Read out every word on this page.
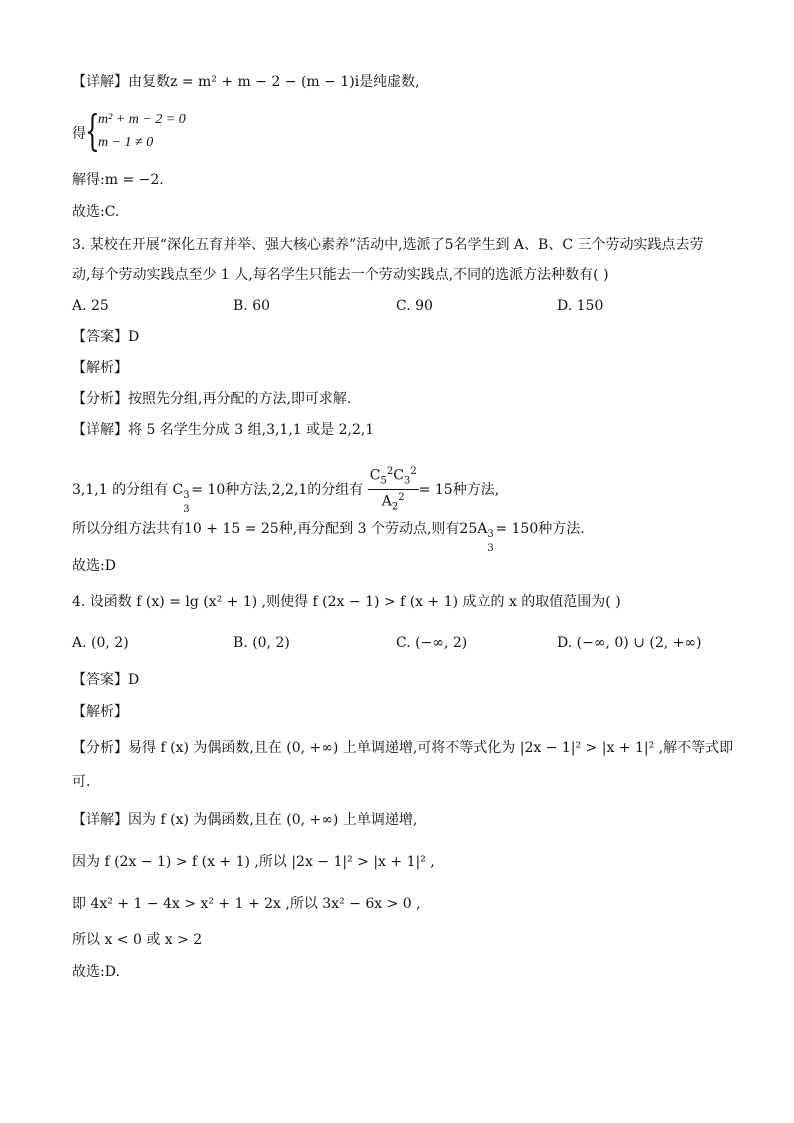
【详解】由复数z = m² + m − 2 − (m − 1)i是纯虚数,
得 {
m² + m − 2 = 0
m − 1 ≠ 0
解得:m = −2.
故选:C.
3. 某校在开展“深化五育并举、强大核心素养”活动中,选派了5名学生到 A、B、C 三个劳动实践点去劳
动,每个劳动实践点至少 1 人,每名学生只能去一个劳动实践点,不同的选派方法种数有( )
A. 25	B. 60	C. 90	D. 150
【答案】D
【解析】
【分析】按照先分组,再分配的方法,即可求解.
【详解】将 5 名学生分成 3 组,3,1,1 或是 2,2,1
3,1,1 的分组有 C 3
3
= 10种方法,2,2,1的分组有 $\frac{C_5^2C_3^2}{A_2^2} = 15$种方法,
所以分组方法共有10 + 15 = 25种,再分配到 3 个劳动点,则有25A 3
3
= 150种方法.
故选:D
4. 设函数 f (x) = lg (x² + 1) ,则使得 f (2x − 1) > f (x + 1) 成立的 x 的取值范围为( )
A. (0, 2)	B. (0, 2)	C. (−∞, 2)	D. (−∞, 0) ∪ (2, +∞)
【答案】D
【解析】
【分析】易得 f (x) 为偶函数,且在 (0, +∞) 上单调递增,可将不等式化为 |2x − 1|² > |x + 1|² ,解不等式即
可.
【详解】因为 f (x) 为偶函数,且在 (0, +∞) 上单调递增,
因为 f (2x − 1) > f (x + 1) ,所以 |2x − 1|² > |x + 1|² ,
即 4x² + 1 − 4x > x² + 1 + 2x ,所以 3x² − 6x > 0 ,
所以 x < 0 或 x > 2
故选:D.
